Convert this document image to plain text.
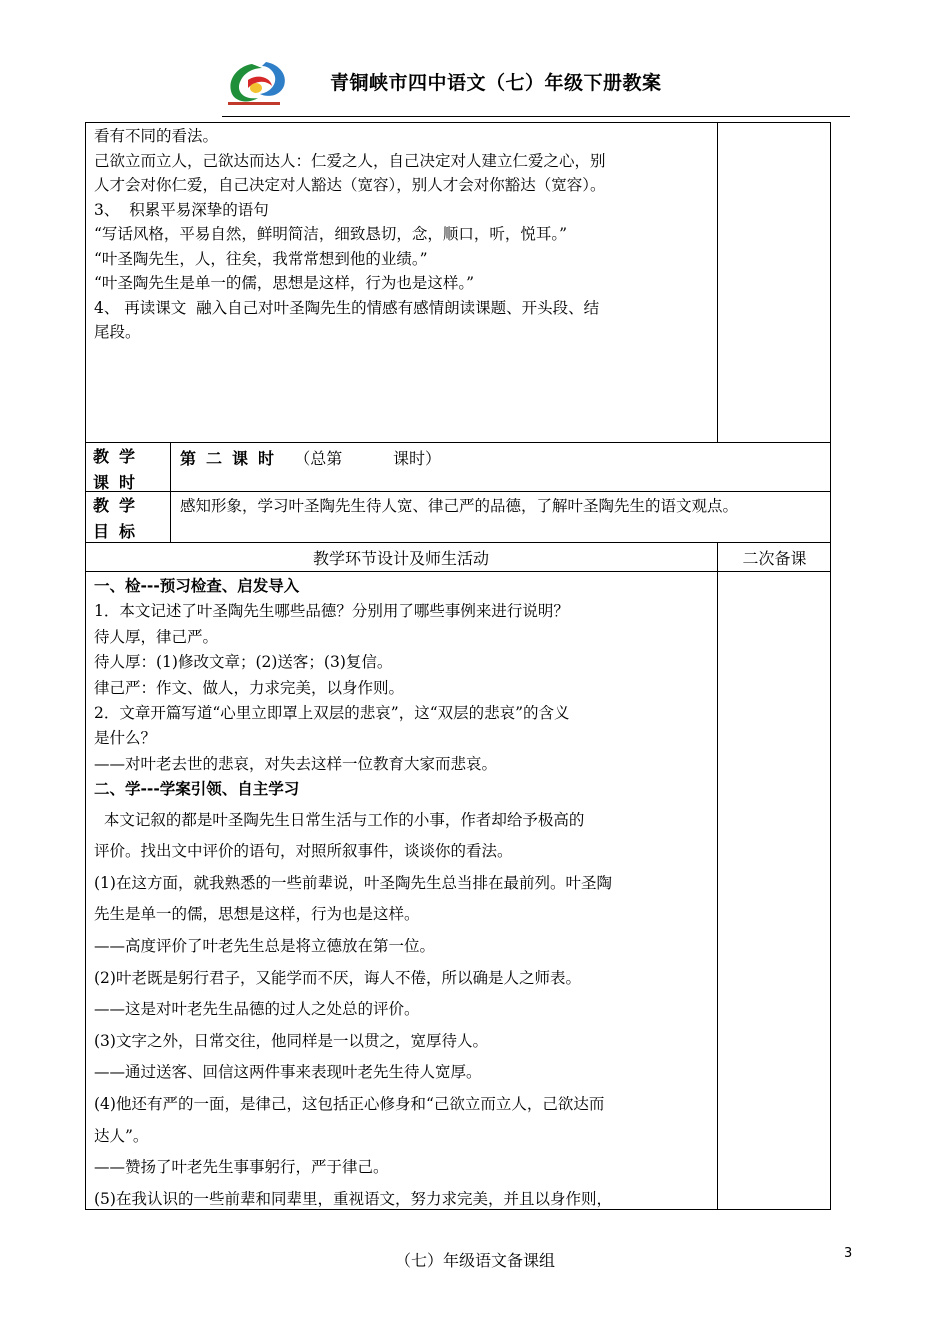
青铜峡市四中语文（七）年级下册教案
看有不同的看法。
己欲立而立人，己欲达而达人：仁爱之人，自己决定对人建立仁爱之心，别
人才会对你仁爱，自己决定对人豁达（宽容），别人才会对你豁达（宽容）。
3、  积累平易深挚的语句
“写话风格，平易自然，鲜明简洁，细致恳切，念，顺口，听，悦耳。”
“叶圣陶先生，人，往矣，我常常想到他的业绩。”
“叶圣陶先生是单一的儒，思想是这样，行为也是这样。”
4、 再读课文  融入自己对叶圣陶先生的情感有感情朗读课题、开头段、结
尾段。
教学
课时
第二课时 （总第          课时）
教学
目标
感知形象，学习叶圣陶先生待人宽、律己严的品德，了解叶圣陶先生的语文观点。
教学环节设计及师生活动	二次备课
一、检---预习检查、启发导入
1．本文记述了叶圣陶先生哪些品德？分别用了哪些事例来进行说明？
待人厚，律己严。
待人厚：(1)修改文章；(2)送客；(3)复信。
律己严：作文、做人，力求完美，以身作则。
2．文章开篇写道“心里立即罩上双层的悲哀”，这“双层的悲哀”的含义
是什么？
——对叶老去世的悲哀，对失去这样一位教育大家而悲哀。
二、学---学案引领、自主学习
本文记叙的都是叶圣陶先生日常生活与工作的小事，作者却给予极高的
评价。找出文中评价的语句，对照所叙事件，谈谈你的看法。
(1)在这方面，就我熟悉的一些前辈说，叶圣陶先生总当排在最前列。叶圣陶
先生是单一的儒，思想是这样，行为也是这样。
——高度评价了叶老先生总是将立德放在第一位。
(2)叶老既是躬行君子，又能学而不厌，诲人不倦，所以确是人之师表。
——这是对叶老先生品德的过人之处总的评价。
(3)文字之外，日常交往，他同样是一以贯之，宽厚待人。
——通过送客、回信这两件事来表现叶老先生待人宽厚。
(4)他还有严的一面，是律己，这包括正心修身和“己欲立而立人，己欲达而
达人”。
——赞扬了叶老先生事事躬行，严于律己。
(5)在我认识的一些前辈和同辈里，重视语文，努力求完美，并且以身作则，
（七）年级语文备课组	3
